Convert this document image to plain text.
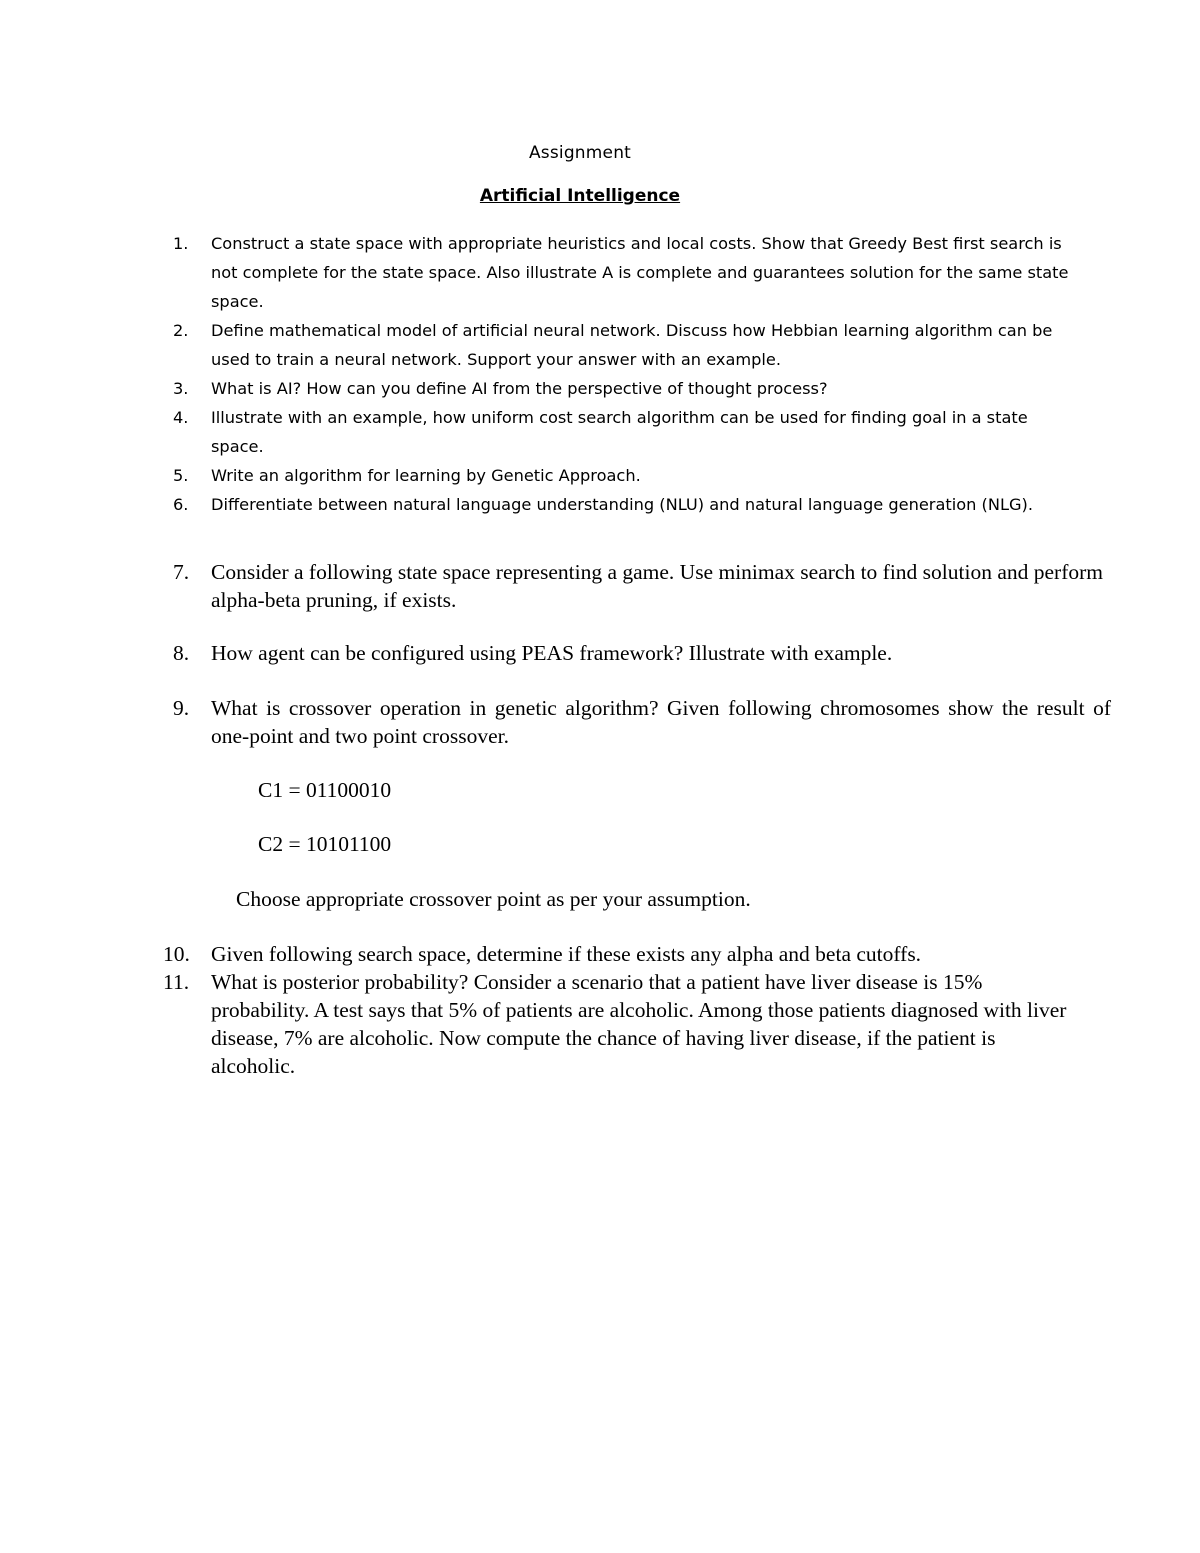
Assignment
Artificial Intelligence
1.	Construct a state space with appropriate heuristics and local costs. Show that Greedy Best first search is not complete for the state space. Also illustrate A is complete and guarantees solution for the same state space.
2.	Define mathematical model of artificial neural network. Discuss how Hebbian learning algorithm can be used to train a neural network. Support your answer with an example.
3.	What is AI? How can you define AI from the perspective of thought process?
4.	Illustrate with an example, how uniform cost search algorithm can be used for finding goal in a state space.
5.	Write an algorithm for learning by Genetic Approach.
6.	Differentiate between natural language understanding (NLU) and natural language generation (NLG).
7.	Consider a following state space representing a game. Use minimax search to find solution and perform alpha-beta pruning, if exists.
8.	How agent can be configured using PEAS framework? Illustrate with example.
9.	What is crossover operation in genetic algorithm? Given following chromosomes show the result of one-point and two point crossover.
C1 = 01100010
C2 = 10101100
Choose appropriate crossover point as per your assumption.
10. Given following search space, determine if these exists any alpha and beta cutoffs.
11.	What is posterior probability? Consider a scenario that a patient have liver disease is 15% probability. A test says that 5% of patients are alcoholic. Among those patients diagnosed with liver disease, 7% are alcoholic. Now compute the chance of having liver disease, if the patient is alcoholic.
